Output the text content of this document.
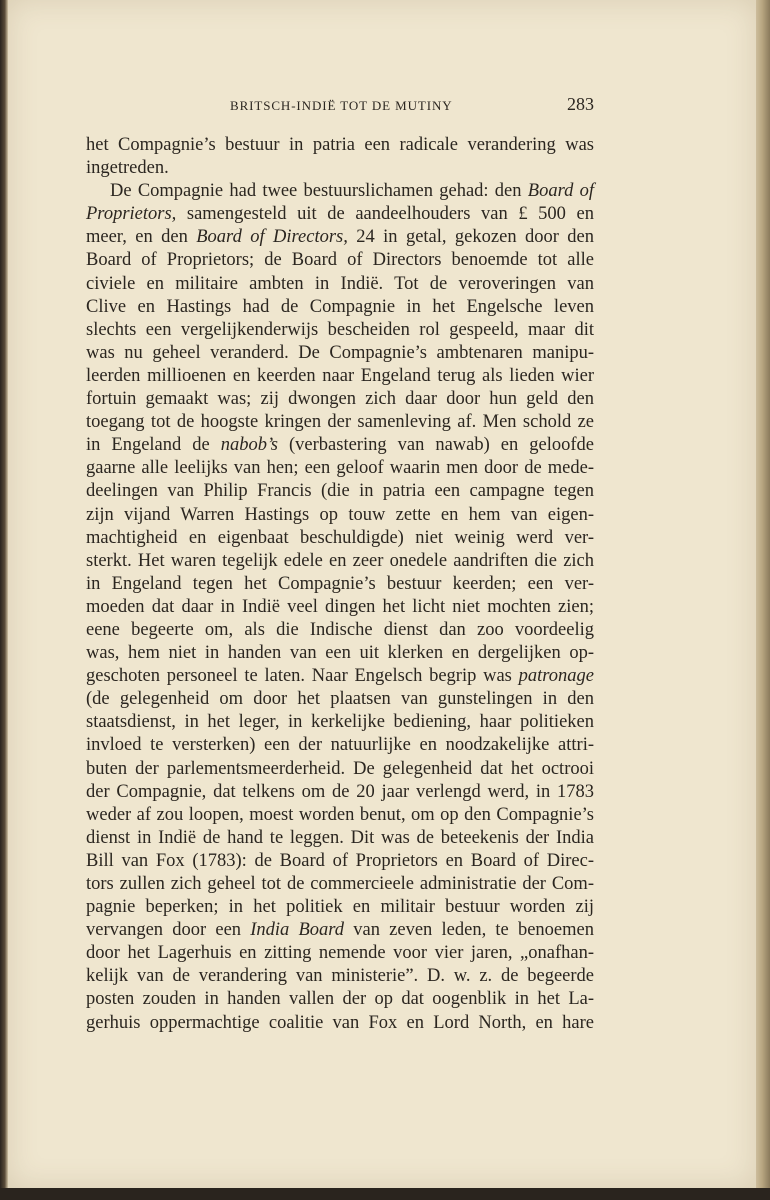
BRITSCH-INDIË TOT DE MUTINY	283
het Compagnie’s bestuur in patria een radicale verandering was
ingetreden.
De Compagnie had twee bestuurslichamen gehad: den Board of
Proprietors, samengesteld uit de aandeelhouders van £ 500 en
meer, en den Board of Directors, 24 in getal, gekozen door den
Board of Proprietors; de Board of Directors benoemde tot alle
civiele en militaire ambten in Indië. Tot de veroveringen van
Clive en Hastings had de Compagnie in het Engelsche leven
slechts een vergelijkenderwijs bescheiden rol gespeeld, maar dit
was nu geheel veranderd. De Compagnie’s ambtenaren manipu-
leerden millioenen en keerden naar Engeland terug als lieden wier
fortuin gemaakt was; zij dwongen zich daar door hun geld den
toegang tot de hoogste kringen der samenleving af. Men schold ze
in Engeland de nabob’s (verbastering van nawab) en geloofde
gaarne alle leelijks van hen; een geloof waarin men door de mede-
deelingen van Philip Francis (die in patria een campagne tegen
zijn vijand Warren Hastings op touw zette en hem van eigen-
machtigheid en eigenbaat beschuldigde) niet weinig werd ver-
sterkt. Het waren tegelijk edele en zeer onedele aandriften die zich
in Engeland tegen het Compagnie’s bestuur keerden; een ver-
moeden dat daar in Indië veel dingen het licht niet mochten zien;
eene begeerte om, als die Indische dienst dan zoo voordeelig
was, hem niet in handen van een uit klerken en dergelijken op-
geschoten personeel te laten. Naar Engelsch begrip was patronage
(de gelegenheid om door het plaatsen van gunstelingen in den
staatsdienst, in het leger, in kerkelijke bediening, haar politieken
invloed te versterken) een der natuurlijke en noodzakelijke attri-
buten der parlementsmeerderheid. De gelegenheid dat het octrooi
der Compagnie, dat telkens om de 20 jaar verlengd werd, in 1783
weder af zou loopen, moest worden benut, om op den Compagnie’s
dienst in Indië de hand te leggen. Dit was de beteekenis der India
Bill van Fox (1783): de Board of Proprietors en Board of Direc-
tors zullen zich geheel tot de commercieele administratie der Com-
pagnie beperken; in het politiek en militair bestuur worden zij
vervangen door een India Board van zeven leden, te benoemen
door het Lagerhuis en zitting nemende voor vier jaren, „onafhan-
kelijk van de verandering van ministerie”. D. w. z. de begeerde
posten zouden in handen vallen der op dat oogenblik in het La-
gerhuis oppermachtige coalitie van Fox en Lord North, en hare
